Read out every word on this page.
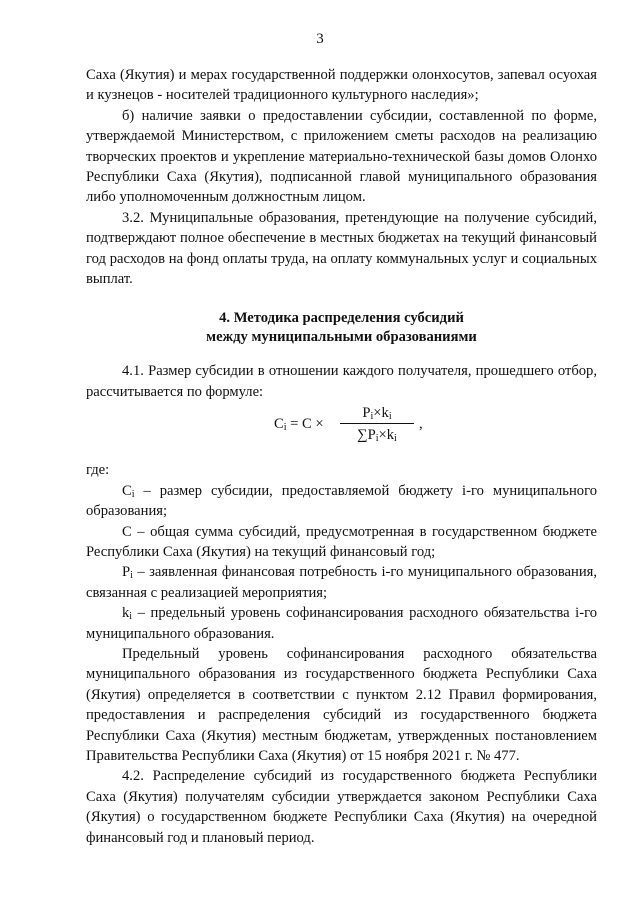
3

Саха (Якутия) и мерах государственной поддержки олонхосутов, запевал осуохая и кузнецов - носителей традиционного культурного наследия»;

б) наличие заявки о предоставлении субсидии, составленной по форме, утверждаемой Министерством, с приложением сметы расходов на реализацию творческих проектов и укрепление материально-технической базы домов Олонхо Республики Саха (Якутия), подписанной главой муниципального образования либо уполномоченным должностным лицом.

3.2. Муниципальные образования, претендующие на получение субсидий, подтверждают полное обеспечение в местных бюджетах на текущий финансовый год расходов на фонд оплаты труда, на оплату коммунальных услуг и социальных выплат.

4. Методика распределения субсидий

между муниципальными образованиями

4.1. Размер субсидии в отношении каждого получателя, прошедшего отбор, рассчитывается по формуле:

$C_i = C$ ×
$P_i\times k_i$
$\sum P_i\times k_i$
,

где:

$C_i$ – размер субсидии, предоставляемой бюджету i-го муниципального образования;

С – общая сумма субсидий, предусмотренная в государственном бюджете Республики Саха (Якутия) на текущий финансовый год;

$P_i$ – заявленная финансовая потребность i-го муниципального образования, связанная с реализацией мероприятия;

$k_i$ – предельный уровень софинансирования расходного обязательства i-го муниципального образования.

Предельный уровень софинансирования расходного обязательства муниципального образования из государственного бюджета Республики Саха (Якутия) определяется в соответствии с пунктом 2.12 Правил формирования, предоставления и распределения субсидий из государственного бюджета Республики Саха (Якутия) местным бюджетам, утвержденных постановлением Правительства Республики Саха (Якутия) от 15 ноября 2021 г. № 477.

4.2. Распределение субсидий из государственного бюджета Республики Саха (Якутия) получателям субсидии утверждается законом Республики Саха (Якутия) о государственном бюджете Республики Саха (Якутия) на очередной финансовый год и плановый период.
